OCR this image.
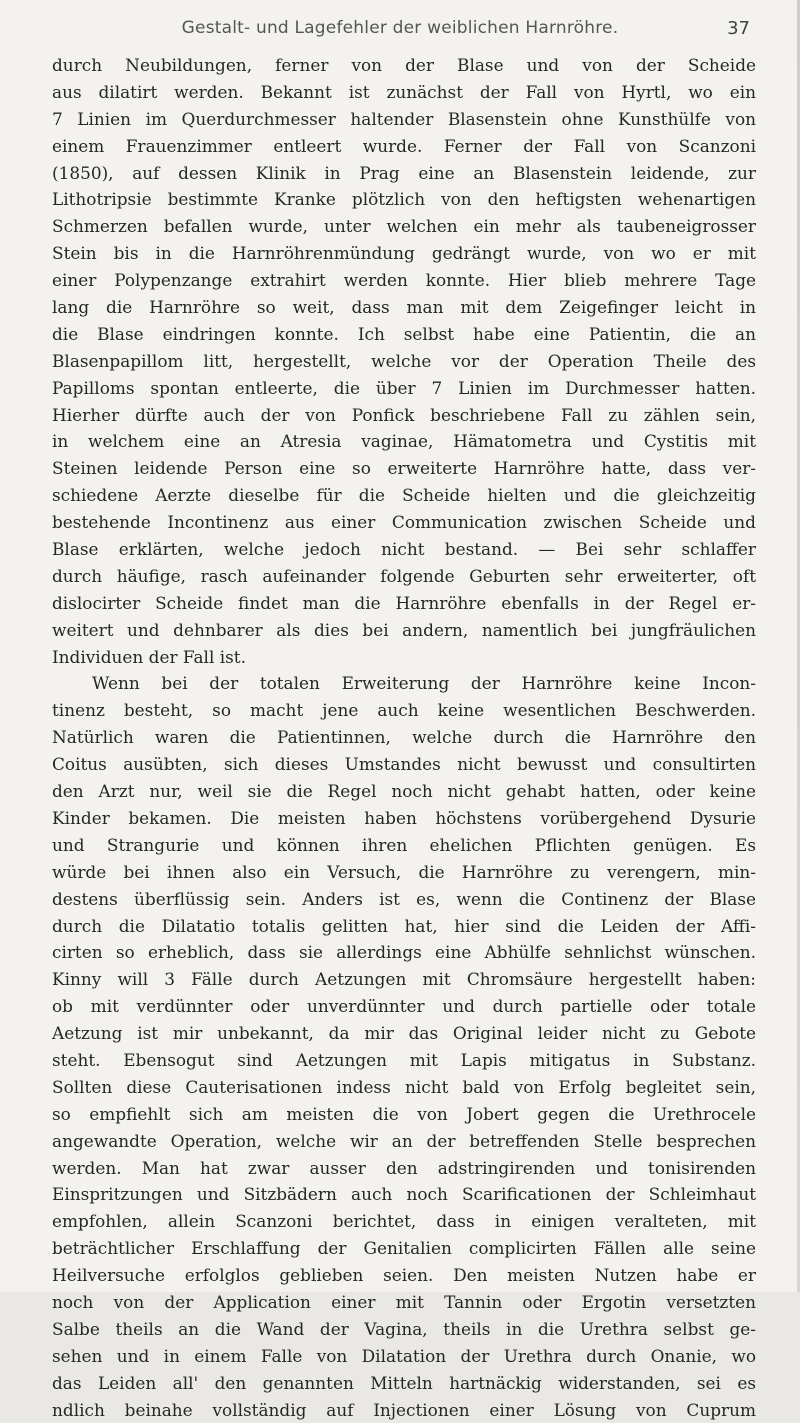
Gestalt- und Lagefehler der weiblichen Harnröhre.	37
durch Neubildungen, ferner von der Blase und von der Scheide
aus dilatirt werden. Bekannt ist zunächst der Fall von Hyrtl, wo ein
7 Linien im Querdurchmesser haltender Blasenstein ohne Kunsthülfe von
einem Frauenzimmer entleert wurde. Ferner der Fall von Scanzoni
(1850), auf dessen Klinik in Prag eine an Blasenstein leidende, zur
Lithotripsie bestimmte Kranke plötzlich von den heftigsten wehenartigen
Schmerzen befallen wurde, unter welchen ein mehr als taubeneigrosser
Stein bis in die Harnröhrenmündung gedrängt wurde, von wo er mit
einer Polypenzange extrahirt werden konnte. Hier blieb mehrere Tage
lang die Harnröhre so weit, dass man mit dem Zeigefinger leicht in
die Blase eindringen konnte. Ich selbst habe eine Patientin, die an
Blasenpapillom litt, hergestellt, welche vor der Operation Theile des
Papilloms spontan entleerte, die über 7 Linien im Durchmesser hatten.
Hierher dürfte auch der von Ponfick beschriebene Fall zu zählen sein,
in welchem eine an Atresia vaginae, Hämatometra und Cystitis mit
Steinen leidende Person eine so erweiterte Harnröhre hatte, dass ver-
schiedene Aerzte dieselbe für die Scheide hielten und die gleichzeitig
bestehende Incontinenz aus einer Communication zwischen Scheide und
Blase erklärten, welche jedoch nicht bestand. — Bei sehr schlaffer
durch häufige, rasch aufeinander folgende Geburten sehr erweiterter, oft
dislocirter Scheide findet man die Harnröhre ebenfalls in der Regel er-
weitert und dehnbarer als dies bei andern, namentlich bei jungfräulichen
Individuen der Fall ist.
Wenn bei der totalen Erweiterung der Harnröhre keine Incon-
tinenz besteht, so macht jene auch keine wesentlichen Beschwerden.
Natürlich waren die Patientinnen, welche durch die Harnröhre den
Coitus ausübten, sich dieses Umstandes nicht bewusst und consultirten
den Arzt nur, weil sie die Regel noch nicht gehabt hatten, oder keine
Kinder bekamen. Die meisten haben höchstens vorübergehend Dysurie
und Strangurie und können ihren ehelichen Pflichten genügen. Es
würde bei ihnen also ein Versuch, die Harnröhre zu verengern, min-
destens überflüssig sein. Anders ist es, wenn die Continenz der Blase
durch die Dilatatio totalis gelitten hat, hier sind die Leiden der Affi-
cirten so erheblich, dass sie allerdings eine Abhülfe sehnlichst wünschen.
Kinny will 3 Fälle durch Aetzungen mit Chromsäure hergestellt haben:
ob mit verdünnter oder unverdünnter und durch partielle oder totale
Aetzung ist mir unbekannt, da mir das Original leider nicht zu Gebote
steht. Ebensogut sind Aetzungen mit Lapis mitigatus in Substanz.
Sollten diese Cauterisationen indess nicht bald von Erfolg begleitet sein,
so empfiehlt sich am meisten die von Jobert gegen die Urethrocele
angewandte Operation, welche wir an der betreffenden Stelle besprechen
werden. Man hat zwar ausser den adstringirenden und tonisirenden
Einspritzungen und Sitzbädern auch noch Scarificationen der Schleimhaut
empfohlen, allein Scanzoni berichtet, dass in einigen veralteten, mit
beträchtlicher Erschlaffung der Genitalien complicirten Fällen alle seine
Heilversuche erfolglos geblieben seien. Den meisten Nutzen habe er
noch von der Application einer mit Tannin oder Ergotin versetzten
Salbe theils an die Wand der Vagina, theils in die Urethra selbst ge-
sehen und in einem Falle von Dilatation der Urethra durch Onanie, wo
das Leiden all' den genannten Mitteln hartnäckig widerstanden, sei es
ndlich beinahe vollständig auf Injectionen einer Lösung von Cuprum
